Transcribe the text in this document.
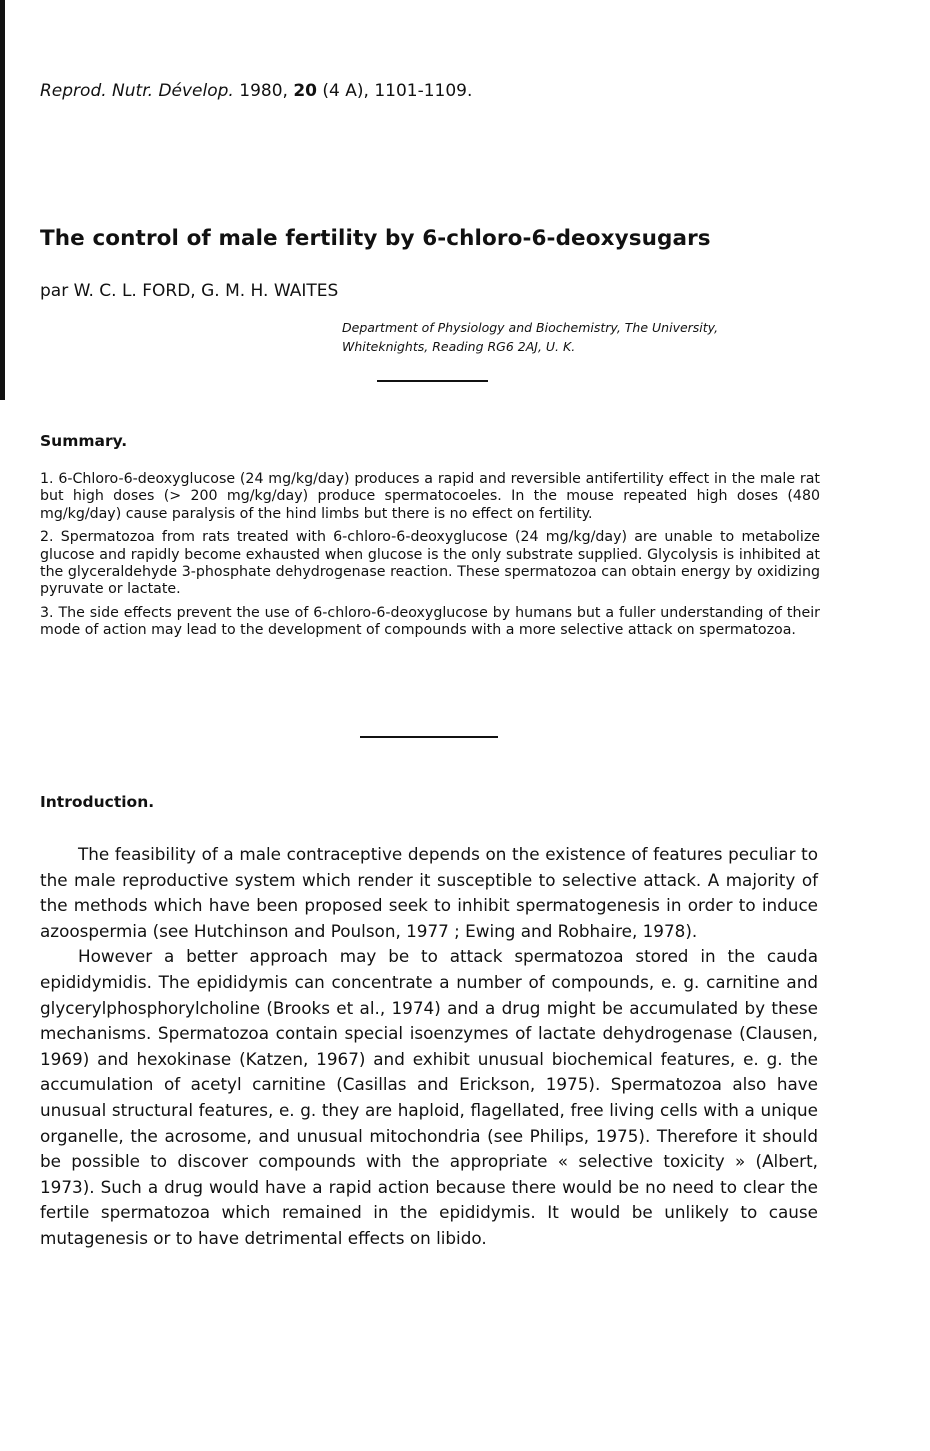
Reprod. Nutr. Dévelop. 1980, 20 (4 A), 1101-1109.
The control of male fertility by 6-chloro-6-deoxysugars
par W. C. L. FORD, G. M. H. WAITES
Department of Physiology and Biochemistry, The University,
Whiteknights, Reading RG6 2AJ, U. K.
Summary.

1. 6-Chloro-6-deoxyglucose (24 mg/kg/day) produces a rapid and reversible antifertility effect in the male rat but high doses (> 200 mg/kg/day) produce spermatocoeles. In the mouse repeated high doses (480 mg/kg/day) cause paralysis of the hind limbs but there is no effect on fertility.

2. Spermatozoa from rats treated with 6-chloro-6-deoxyglucose (24 mg/kg/day) are unable to metabolize glucose and rapidly become exhausted when glucose is the only substrate supplied. Glycolysis is inhibited at the glyceraldehyde 3-phosphate dehydrogenase reaction. These spermatozoa can obtain energy by oxidizing pyruvate or lactate.

3. The side effects prevent the use of 6-chloro-6-deoxyglucose by humans but a fuller understanding of their mode of action may lead to the development of compounds with a more selective attack on spermatozoa.

Introduction.

The feasibility of a male contraceptive depends on the existence of features peculiar to the male reproductive system which render it susceptible to selective attack. A majority of the methods which have been proposed seek to inhibit spermatogenesis in order to induce azoospermia (see Hutchinson and Poulson, 1977 ; Ewing and Robhaire, 1978).

However a better approach may be to attack spermatozoa stored in the cauda epididymidis. The epididymis can concentrate a number of compounds, e. g. carnitine and glycerylphosphorylcholine (Brooks et al., 1974) and a drug might be accumulated by these mechanisms. Spermatozoa contain special isoenzymes of lactate dehydrogenase (Clausen, 1969) and hexokinase (Katzen, 1967) and exhibit unusual biochemical features, e. g. the accumulation of acetyl carnitine (Casillas and Erickson, 1975). Spermatozoa also have unusual structural features, e. g. they are haploid, flagellated, free living cells with a unique organelle, the acrosome, and unusual mitochondria (see Philips, 1975). Therefore it should be possible to discover compounds with the appropriate « selective toxicity » (Albert, 1973). Such a drug would have a rapid action because there would be no need to clear the fertile spermatozoa which remained in the epididymis. It would be unlikely to cause mutagenesis or to have detrimental effects on libido.
